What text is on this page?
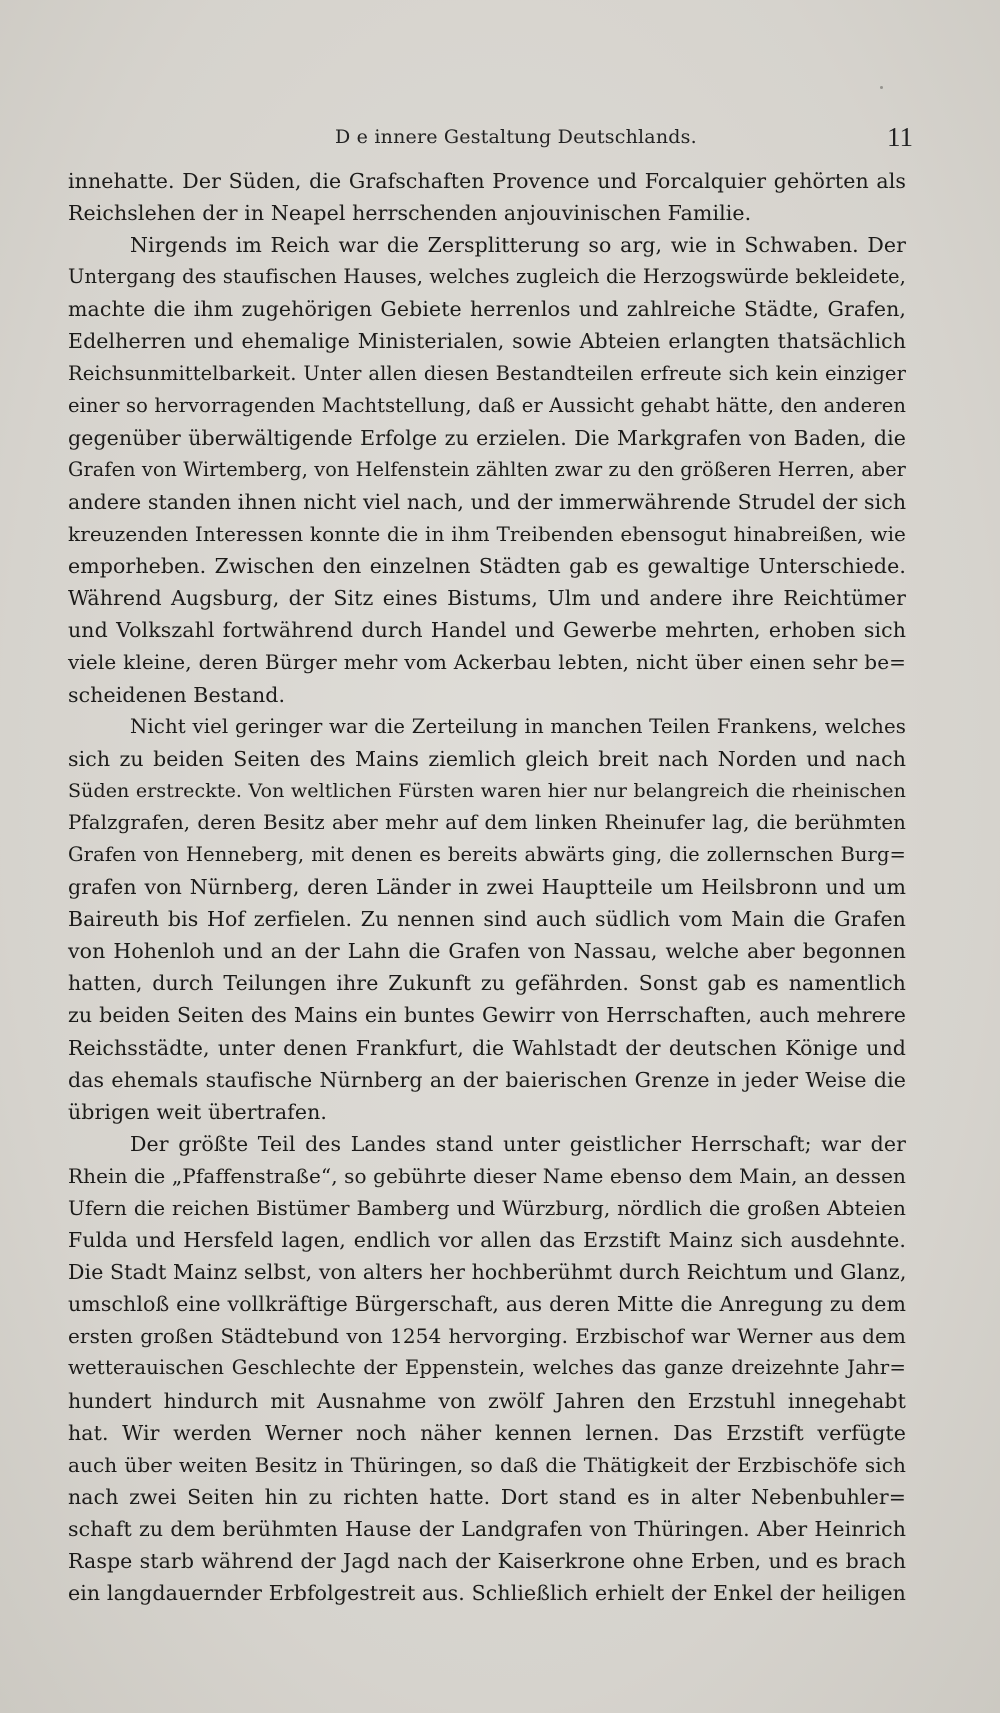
D e innere Gestaltung Deutschlands.	11
innehatte. Der Süden, die Grafschaften Provence und Forcalquier gehörten als
Reichslehen der in Neapel herrschenden anjouvinischen Familie.
Nirgends im Reich war die Zersplitterung so arg, wie in Schwaben. Der
Untergang des staufischen Hauses, welches zugleich die Herzogswürde bekleidete,
machte die ihm zugehörigen Gebiete herrenlos und zahlreiche Städte, Grafen,
Edelherren und ehemalige Ministerialen, sowie Abteien erlangten thatsächlich
Reichsunmittelbarkeit. Unter allen diesen Bestandteilen erfreute sich kein einziger
einer so hervorragenden Machtstellung, daß er Aussicht gehabt hätte, den anderen
gegenüber überwältigende Erfolge zu erzielen. Die Markgrafen von Baden, die
Grafen von Wirtemberg, von Helfenstein zählten zwar zu den größeren Herren, aber
andere standen ihnen nicht viel nach, und der immerwährende Strudel der sich
kreuzenden Interessen konnte die in ihm Treibenden ebensogut hinabreißen, wie
emporheben. Zwischen den einzelnen Städten gab es gewaltige Unterschiede.
Während Augsburg, der Sitz eines Bistums, Ulm und andere ihre Reichtümer
und Volkszahl fortwährend durch Handel und Gewerbe mehrten, erhoben sich
viele kleine, deren Bürger mehr vom Ackerbau lebten, nicht über einen sehr be=
scheidenen Bestand.
Nicht viel geringer war die Zerteilung in manchen Teilen Frankens, welches
sich zu beiden Seiten des Mains ziemlich gleich breit nach Norden und nach
Süden erstreckte. Von weltlichen Fürsten waren hier nur belangreich die rheinischen
Pfalzgrafen, deren Besitz aber mehr auf dem linken Rheinufer lag, die berühmten
Grafen von Henneberg, mit denen es bereits abwärts ging, die zollernschen Burg=
grafen von Nürnberg, deren Länder in zwei Hauptteile um Heilsbronn und um
Baireuth bis Hof zerfielen. Zu nennen sind auch südlich vom Main die Grafen
von Hohenloh und an der Lahn die Grafen von Nassau, welche aber begonnen
hatten, durch Teilungen ihre Zukunft zu gefährden. Sonst gab es namentlich
zu beiden Seiten des Mains ein buntes Gewirr von Herrschaften, auch mehrere
Reichsstädte, unter denen Frankfurt, die Wahlstadt der deutschen Könige und
das ehemals staufische Nürnberg an der baierischen Grenze in jeder Weise die
übrigen weit übertrafen.
Der größte Teil des Landes stand unter geistlicher Herrschaft; war der
Rhein die „Pfaffenstraße“, so gebührte dieser Name ebenso dem Main, an dessen
Ufern die reichen Bistümer Bamberg und Würzburg, nördlich die großen Abteien
Fulda und Hersfeld lagen, endlich vor allen das Erzstift Mainz sich ausdehnte.
Die Stadt Mainz selbst, von alters her hochberühmt durch Reichtum und Glanz,
umschloß eine vollkräftige Bürgerschaft, aus deren Mitte die Anregung zu dem
ersten großen Städtebund von 1254 hervorging. Erzbischof war Werner aus dem
wetterauischen Geschlechte der Eppenstein, welches das ganze dreizehnte Jahr=
hundert hindurch mit Ausnahme von zwölf Jahren den Erzstuhl innegehabt
hat. Wir werden Werner noch näher kennen lernen. Das Erzstift verfügte
auch über weiten Besitz in Thüringen, so daß die Thätigkeit der Erzbischöfe sich
nach zwei Seiten hin zu richten hatte. Dort stand es in alter Nebenbuhler=
schaft zu dem berühmten Hause der Landgrafen von Thüringen. Aber Heinrich
Raspe starb während der Jagd nach der Kaiserkrone ohne Erben, und es brach
ein langdauernder Erbfolgestreit aus. Schließlich erhielt der Enkel der heiligen
